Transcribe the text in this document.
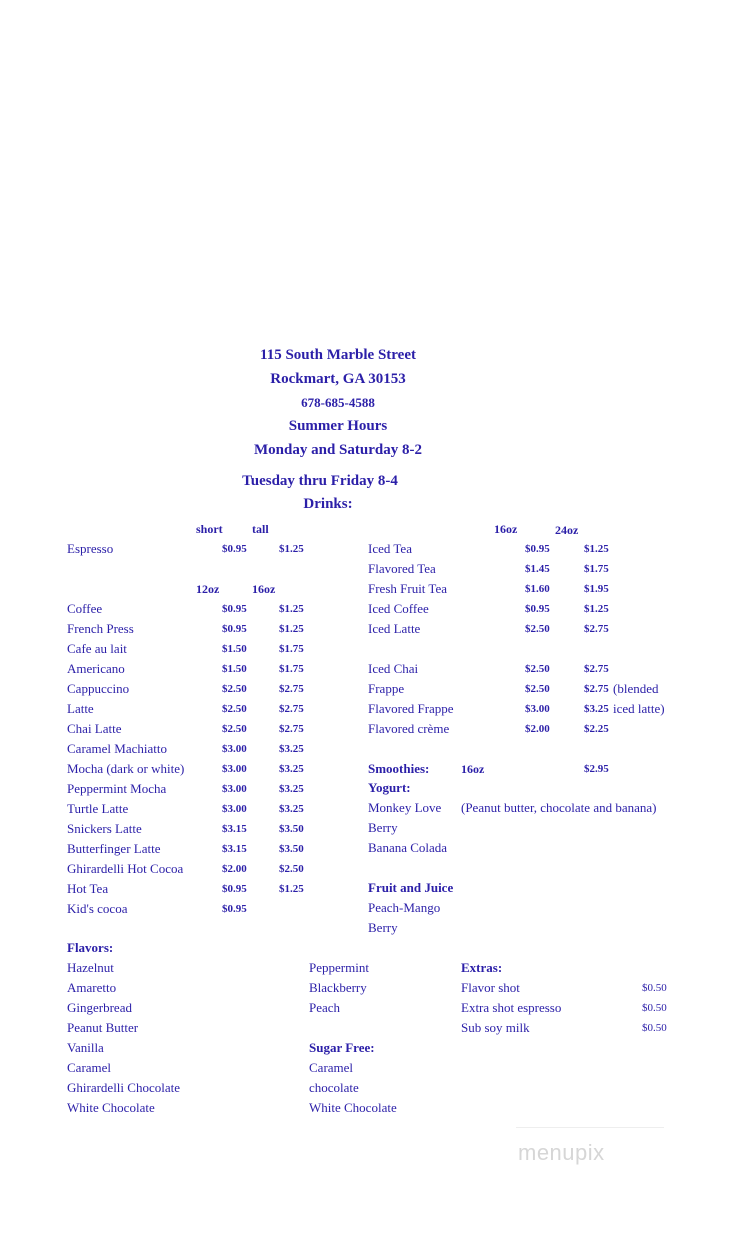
115 South Marble Street
Rockmart, GA 30153
678-685-4588
Summer Hours
Monday and Saturday 8-2
Tuesday thru Friday 8-4
Drinks:
short tall
Espresso	$0.95	$1.25
12oz	16oz
Coffee	$0.95	$1.25
French Press	$0.95	$1.25
Cafe au lait	$1.50	$1.75
Americano	$1.50	$1.75
Cappuccino	$2.50	$2.75
Latte	$2.50	$2.75
Chai Latte	$2.50	$2.75
Caramel Machiatto	$3.00	$3.25
Mocha (dark or white)	$3.00	$3.25
Peppermint Mocha	$3.00	$3.25
Turtle Latte	$3.00	$3.25
Snickers Latte	$3.15	$3.50
Butterfinger Latte	$3.15	$3.50
Ghirardelli Hot Cocoa	$2.00	$2.50
Hot Tea	$0.95	$1.25
Kid's cocoa	$0.95
16oz	24oz
Iced Tea	$0.95	$1.25
Flavored Tea	$1.45	$1.75
Fresh Fruit Tea	$1.60	$1.95
Iced Coffee	$0.95	$1.25
Iced Latte	$2.50	$2.75
Iced Chai	$2.50	$2.75
Frappe	$2.50	$2.75
Flavored Frappe	$3.00	$3.25
Flavored crème	$2.00	$2.25
(blended
iced latte)
Smoothies:	16oz	$2.95
Yogurt:
Monkey Love (Peanut butter, chocolate and banana)
Berry
Banana Colada
Fruit and Juice
Peach-Mango
Berry
Flavors:
Hazelnut
Amaretto
Gingerbread
Peanut Butter
Vanilla
Caramel
Ghirardelli Chocolate
White Chocolate
Peppermint
Blackberry
Peach
Sugar Free:
Caramel
chocolate
White Chocolate
Extras:
Flavor shot	$0.50
Extra shot espresso	$0.50
Sub soy milk	$0.50
menupix
